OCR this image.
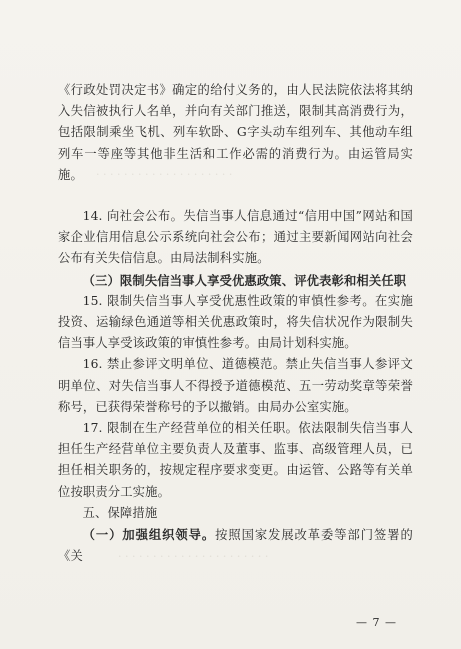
· · · · · · · · · · · · · · · · · · · ·
· · · · · · · · · · · · · · · · · · · · · ·

《行政处罚决定书》确定的给付义务的，由人民法院依法将其纳入失信被执行人名单，并向有关部门推送，限制其高消费行为，包括限制乘坐飞机、列车软卧、G字头动车组列车、其他动车组列车一等座等其他非生活和工作必需的消费行为。由运管局实施。

14. 向社会公布。失信当事人信息通过“信用中国”网站和国家企业信用信息公示系统向社会公布；通过主要新闻网站向社会公布有关失信信息。由局法制科实施。

（三）限制失信当事人享受优惠政策、评优表彰和相关任职

15. 限制失信当事人享受优惠性政策的审慎性参考。在实施投资、运输绿色通道等相关优惠政策时，将失信状况作为限制失信当事人享受该政策的审慎性参考。由局计划科实施。

16. 禁止参评文明单位、道德模范。禁止失信当事人参评文明单位、对失信当事人不得授予道德模范、五一劳动奖章等荣誉称号，已获得荣誉称号的予以撤销。由局办公室实施。

17. 限制在生产经营单位的相关任职。依法限制失信当事人担任生产经营单位主要负责人及董事、监事、高级管理人员，已担任相关职务的，按规定程序要求变更。由运管、公路等有关单位按职责分工实施。

五、保障措施

（一）加强组织领导。按照国家发展改革委等部门签署的《关

— 7 —
